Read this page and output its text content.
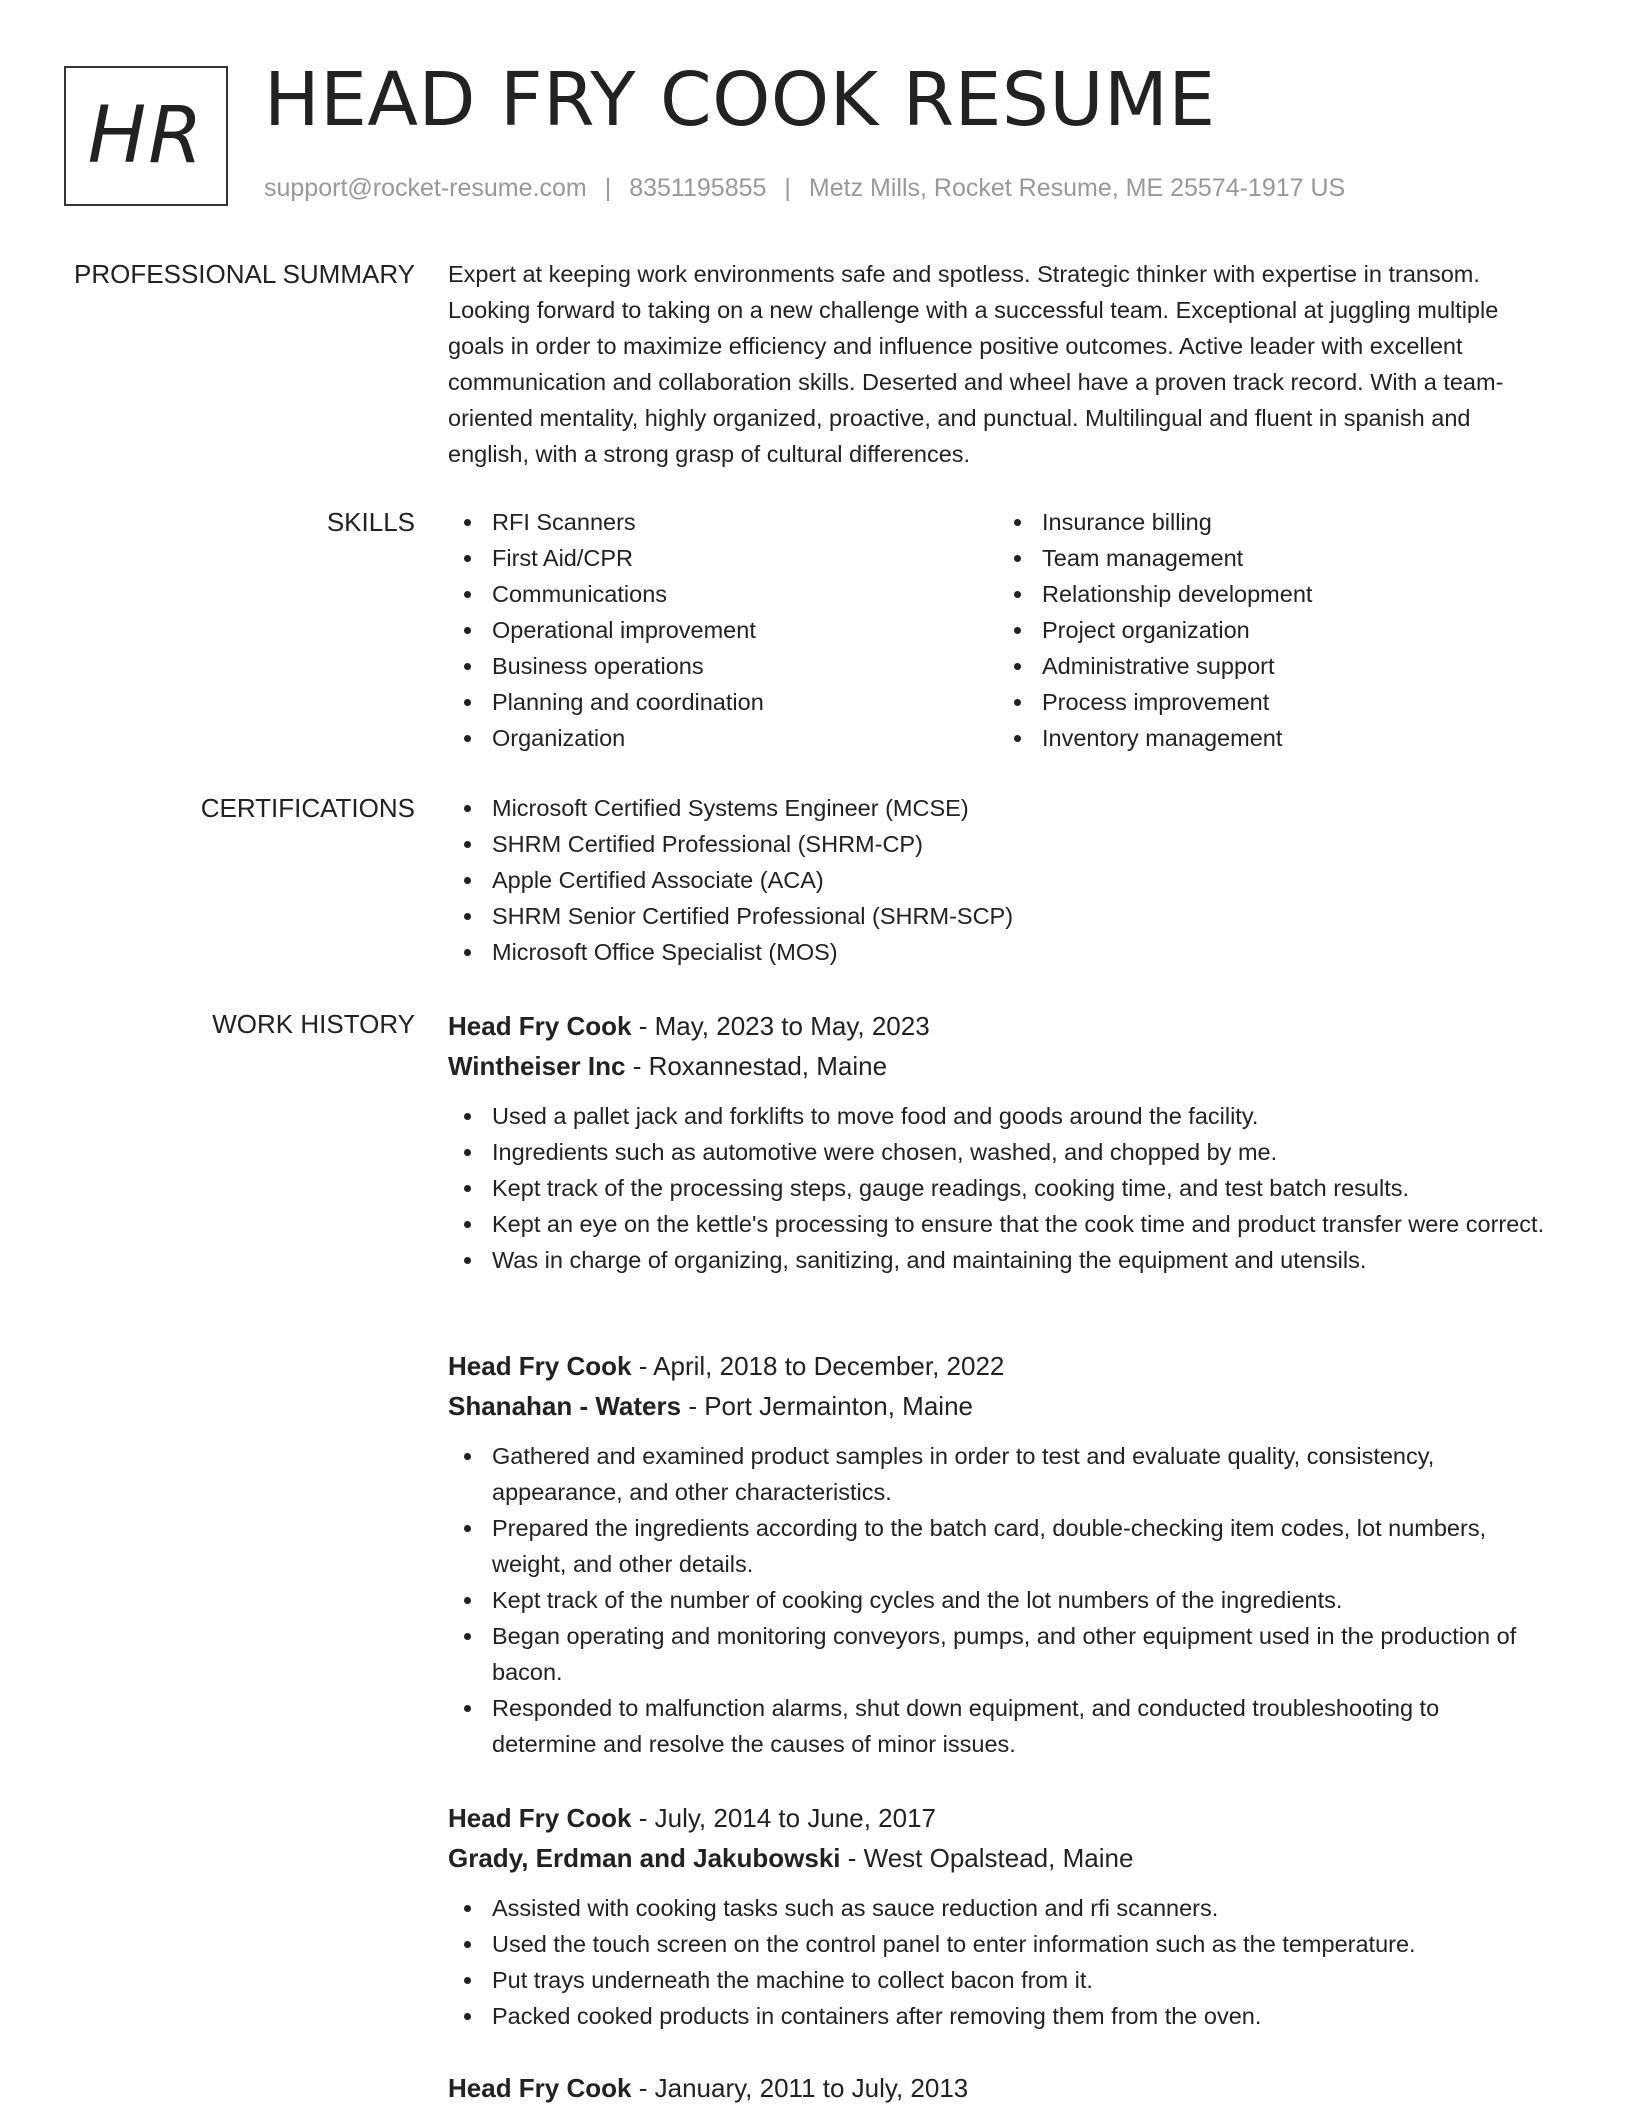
HR HEAD FRY COOK RESUME
support@rocket-resume.com | 8351195855 | Metz Mills, Rocket Resume, ME 25574-1917 US
PROFESSIONAL SUMMARY Expert at keeping work environments safe and spotless. Strategic thinker with expertise in transom. Looking forward to taking on a new challenge with a successful team. Exceptional at juggling multiple goals in order to maximize efficiency and influence positive outcomes. Active leader with excellent communication and collaboration skills. Deserted and wheel have a proven track record. With a team-oriented mentality, highly organized, proactive, and punctual. Multilingual and fluent in spanish and english, with a strong grasp of cultural differences.

SKILLS	RFI Scanners
First Aid/CPR
Communications
Operational improvement
Business operations
Planning and coordination
Organization
Insurance billing
Team management
Relationship development
Project organization
Administrative support
Process improvement
Inventory management
CERTIFICATIONS	Microsoft Certified Systems Engineer (MCSE)
SHRM Certified Professional (SHRM-CP)
Apple Certified Associate (ACA)
SHRM Senior Certified Professional (SHRM-SCP)
Microsoft Office Specialist (MOS)
WORK HISTORY Head Fry Cook - May, 2023 to May, 2023
Wintheiser Inc - Roxannestad, Maine
Used a pallet jack and forklifts to move food and goods around the facility.
Ingredients such as automotive were chosen, washed, and chopped by me.
Kept track of the processing steps, gauge readings, cooking time, and test batch results.
Kept an eye on the kettle's processing to ensure that the cook time and product transfer were correct.
Was in charge of organizing, sanitizing, and maintaining the equipment and utensils.
Head Fry Cook - April, 2018 to December, 2022
Shanahan - Waters - Port Jermainton, Maine
Gathered and examined product samples in order to test and evaluate quality, consistency, appearance, and other characteristics.
Prepared the ingredients according to the batch card, double-checking item codes, lot numbers, weight, and other details.
Kept track of the number of cooking cycles and the lot numbers of the ingredients.
Began operating and monitoring conveyors, pumps, and other equipment used in the production of bacon.
Responded to malfunction alarms, shut down equipment, and conducted troubleshooting to determine and resolve the causes of minor issues.
Head Fry Cook - July, 2014 to June, 2017
Grady, Erdman and Jakubowski - West Opalstead, Maine
Assisted with cooking tasks such as sauce reduction and rfi scanners.
Used the touch screen on the control panel to enter information such as the temperature.
Put trays underneath the machine to collect bacon from it.
Packed cooked products in containers after removing them from the oven.
Head Fry Cook - January, 2011 to July, 2013
